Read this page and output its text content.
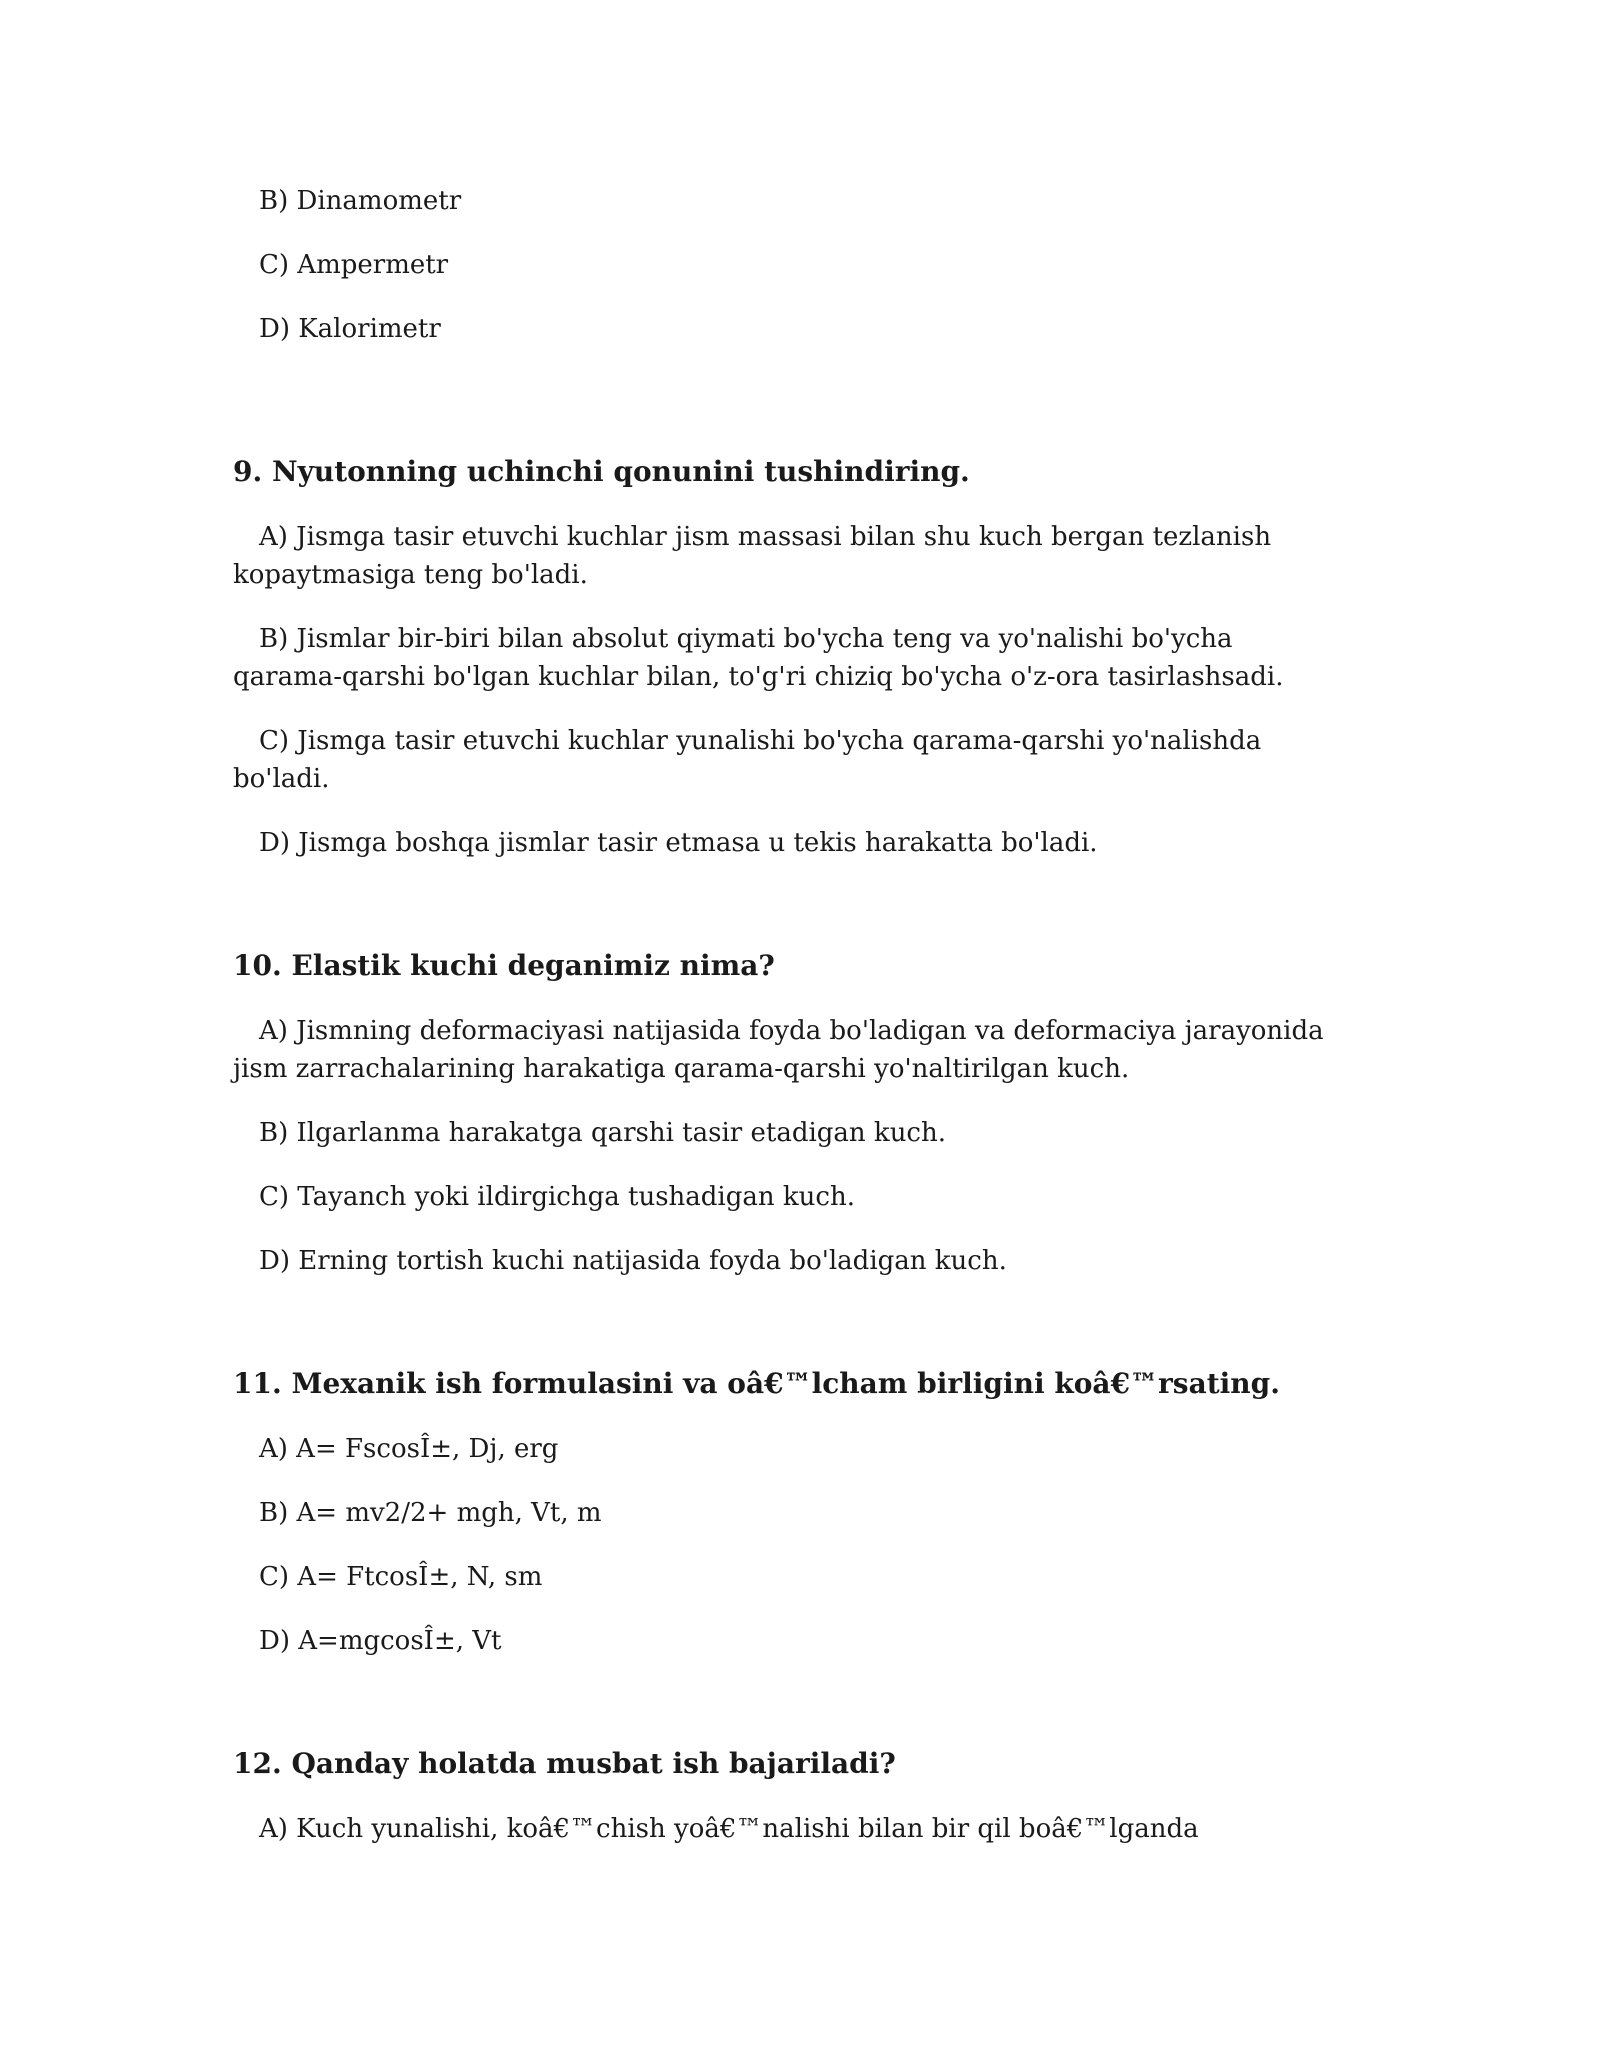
B) Dinamometr

C) Ampermetr

D) Kalorimetr

9. Nyutonning uchinchi qonunini tushindiring.

A) Jismga tasir etuvchi kuchlar jism massasi bilan shu kuch bergan tezlanish kopaytmasiga teng bo'ladi.

B) Jismlar bir-biri bilan absolut qiymati bo'ycha teng va yo'nalishi bo'ycha qarama-qarshi bo'lgan kuchlar bilan, to'g'ri chiziq bo'ycha o'z-ora tasirlashsadi.

C) Jismga tasir etuvchi kuchlar yunalishi bo'ycha qarama-qarshi yo'nalishda bo'ladi.

D) Jismga boshqa jismlar tasir etmasa u tekis harakatta bo'ladi.

10. Elastik kuchi deganimiz nima?

A) Jismning deformaciyasi natijasida foyda bo'ladigan va deformaciya jarayonida jism zarrachalarining harakatiga qarama-qarshi yo'naltirilgan kuch.

B) Ilgarlanma harakatga qarshi tasir etadigan kuch.

C) Tayanch yoki ildirgichga tushadigan kuch.

D) Erning tortish kuchi natijasida foyda bo'ladigan kuch.

11. Mexanik ish formulasini va oâ€™lcham birligini koâ€™rsating.

A) A= FscosÎ±, Dj, erg

B) A= mv2/2+ mgh, Vt, m

C) A= FtcosÎ±, N, sm

D) A=mgcosÎ±, Vt

12. Qanday holatda musbat ish bajariladi?

A) Kuch yunalishi, koâ€™chish yoâ€™nalishi bilan bir qil boâ€™lganda
